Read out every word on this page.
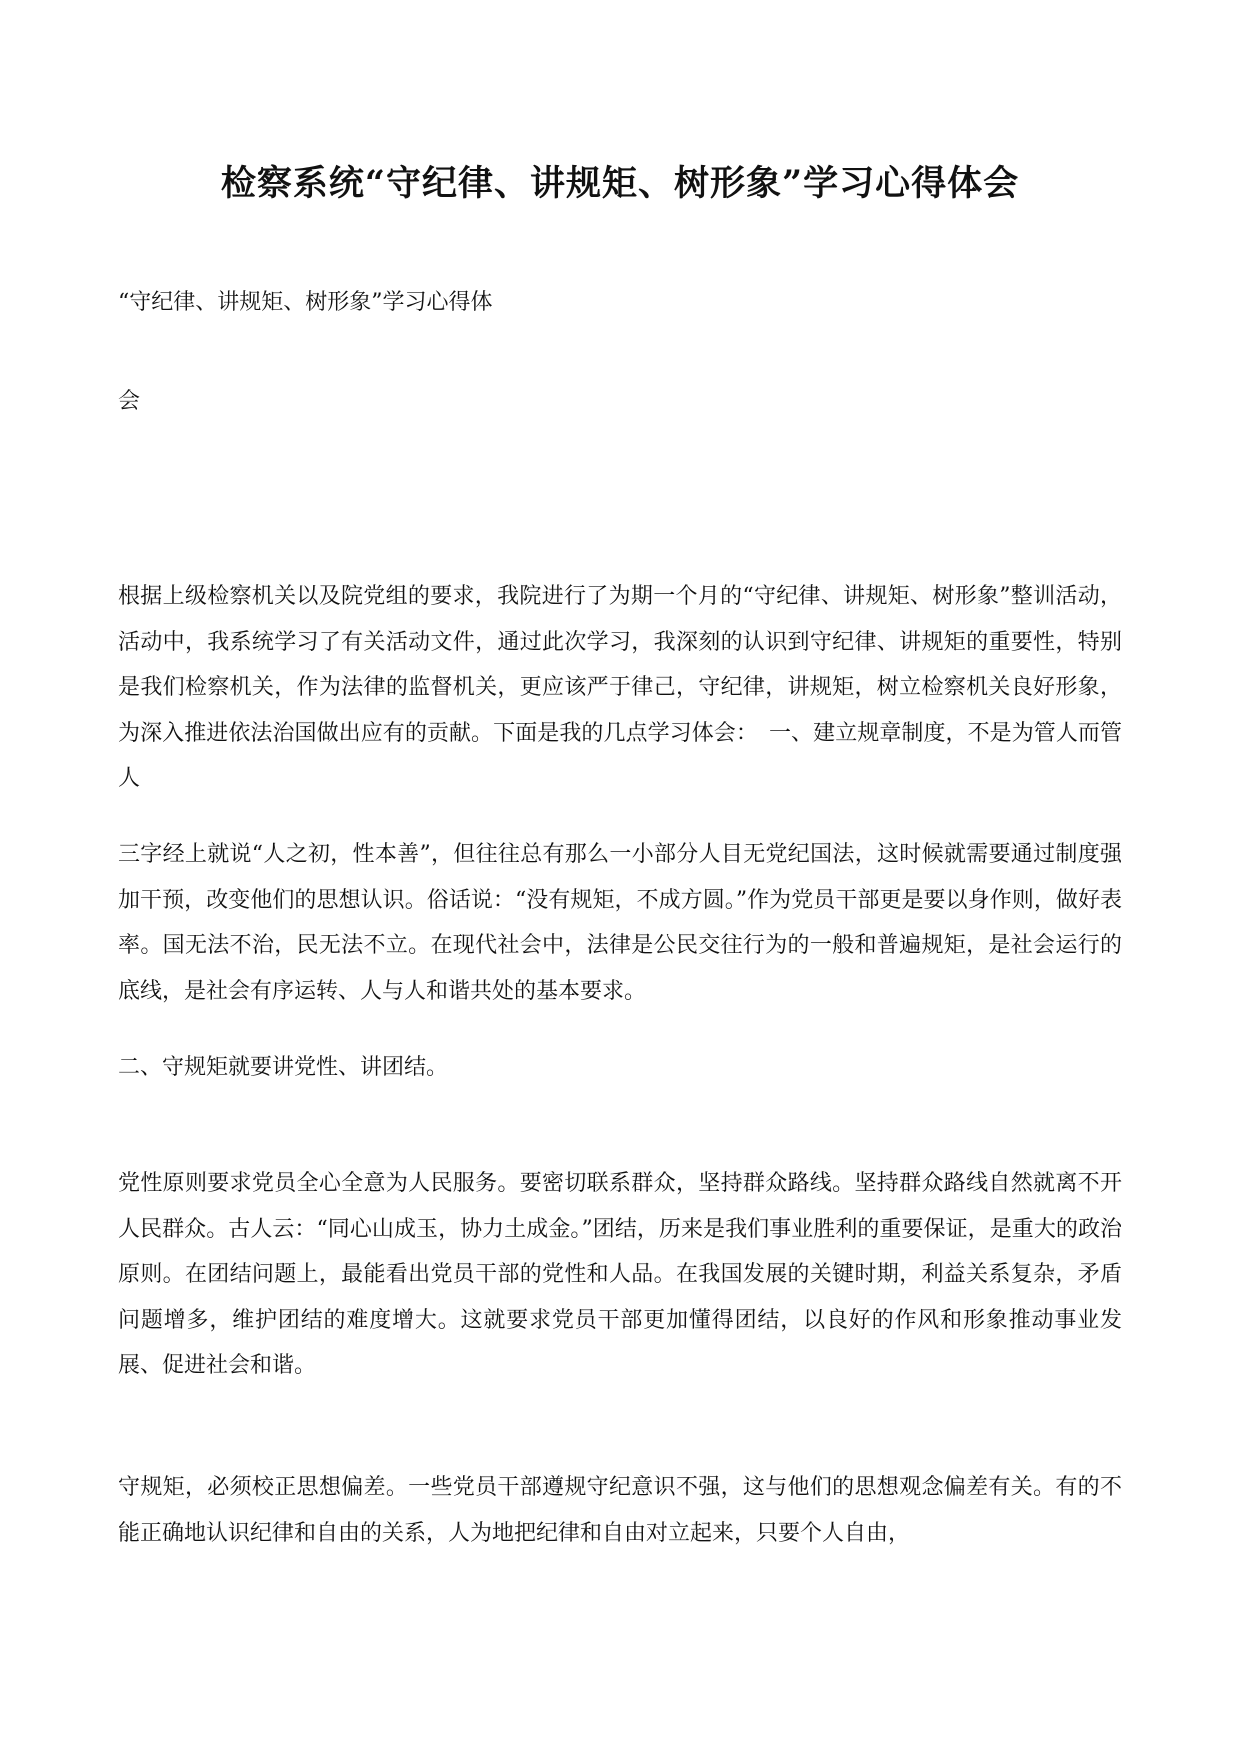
检察系统“守纪律、讲规矩、树形象”学习心得体会

“守纪律、讲规矩、树形象”学习心得体

会

根据上级检察机关以及院党组的要求，我院进行了为期一个月的“守纪律、讲规矩、树形象”整训活动，活动中，我系统学习了有关活动文件，通过此次学习，我深刻的认识到守纪律、讲规矩的重要性，特别是我们检察机关，作为法律的监督机关，更应该严于律己，守纪律，讲规矩，树立检察机关良好形象，为深入推进依法治国做出应有的贡献。下面是我的几点学习体会：　一、建立规章制度，不是为管人而管人

三字经上就说“人之初，性本善”，但往往总有那么一小部分人目无党纪国法，这时候就需要通过制度强加干预，改变他们的思想认识。俗话说：“没有规矩，不成方圆。”作为党员干部更是要以身作则，做好表率。国无法不治，民无法不立。在现代社会中，法律是公民交往行为的一般和普遍规矩，是社会运行的底线，是社会有序运转、人与人和谐共处的基本要求。

二、守规矩就要讲党性、讲团结。

党性原则要求党员全心全意为人民服务。要密切联系群众，坚持群众路线。坚持群众路线自然就离不开人民群众。古人云：“同心山成玉，协力土成金。”团结，历来是我们事业胜利的重要保证，是重大的政治原则。在团结问题上，最能看出党员干部的党性和人品。在我国发展的关键时期，利益关系复杂，矛盾问题增多，维护团结的难度增大。这就要求党员干部更加懂得团结，以良好的作风和形象推动事业发展、促进社会和谐。

守规矩，必须校正思想偏差。一些党员干部遵规守纪意识不强，这与他们的思想观念偏差有关。有的不能正确地认识纪律和自由的关系，人为地把纪律和自由对立起来，只要个人自由，
